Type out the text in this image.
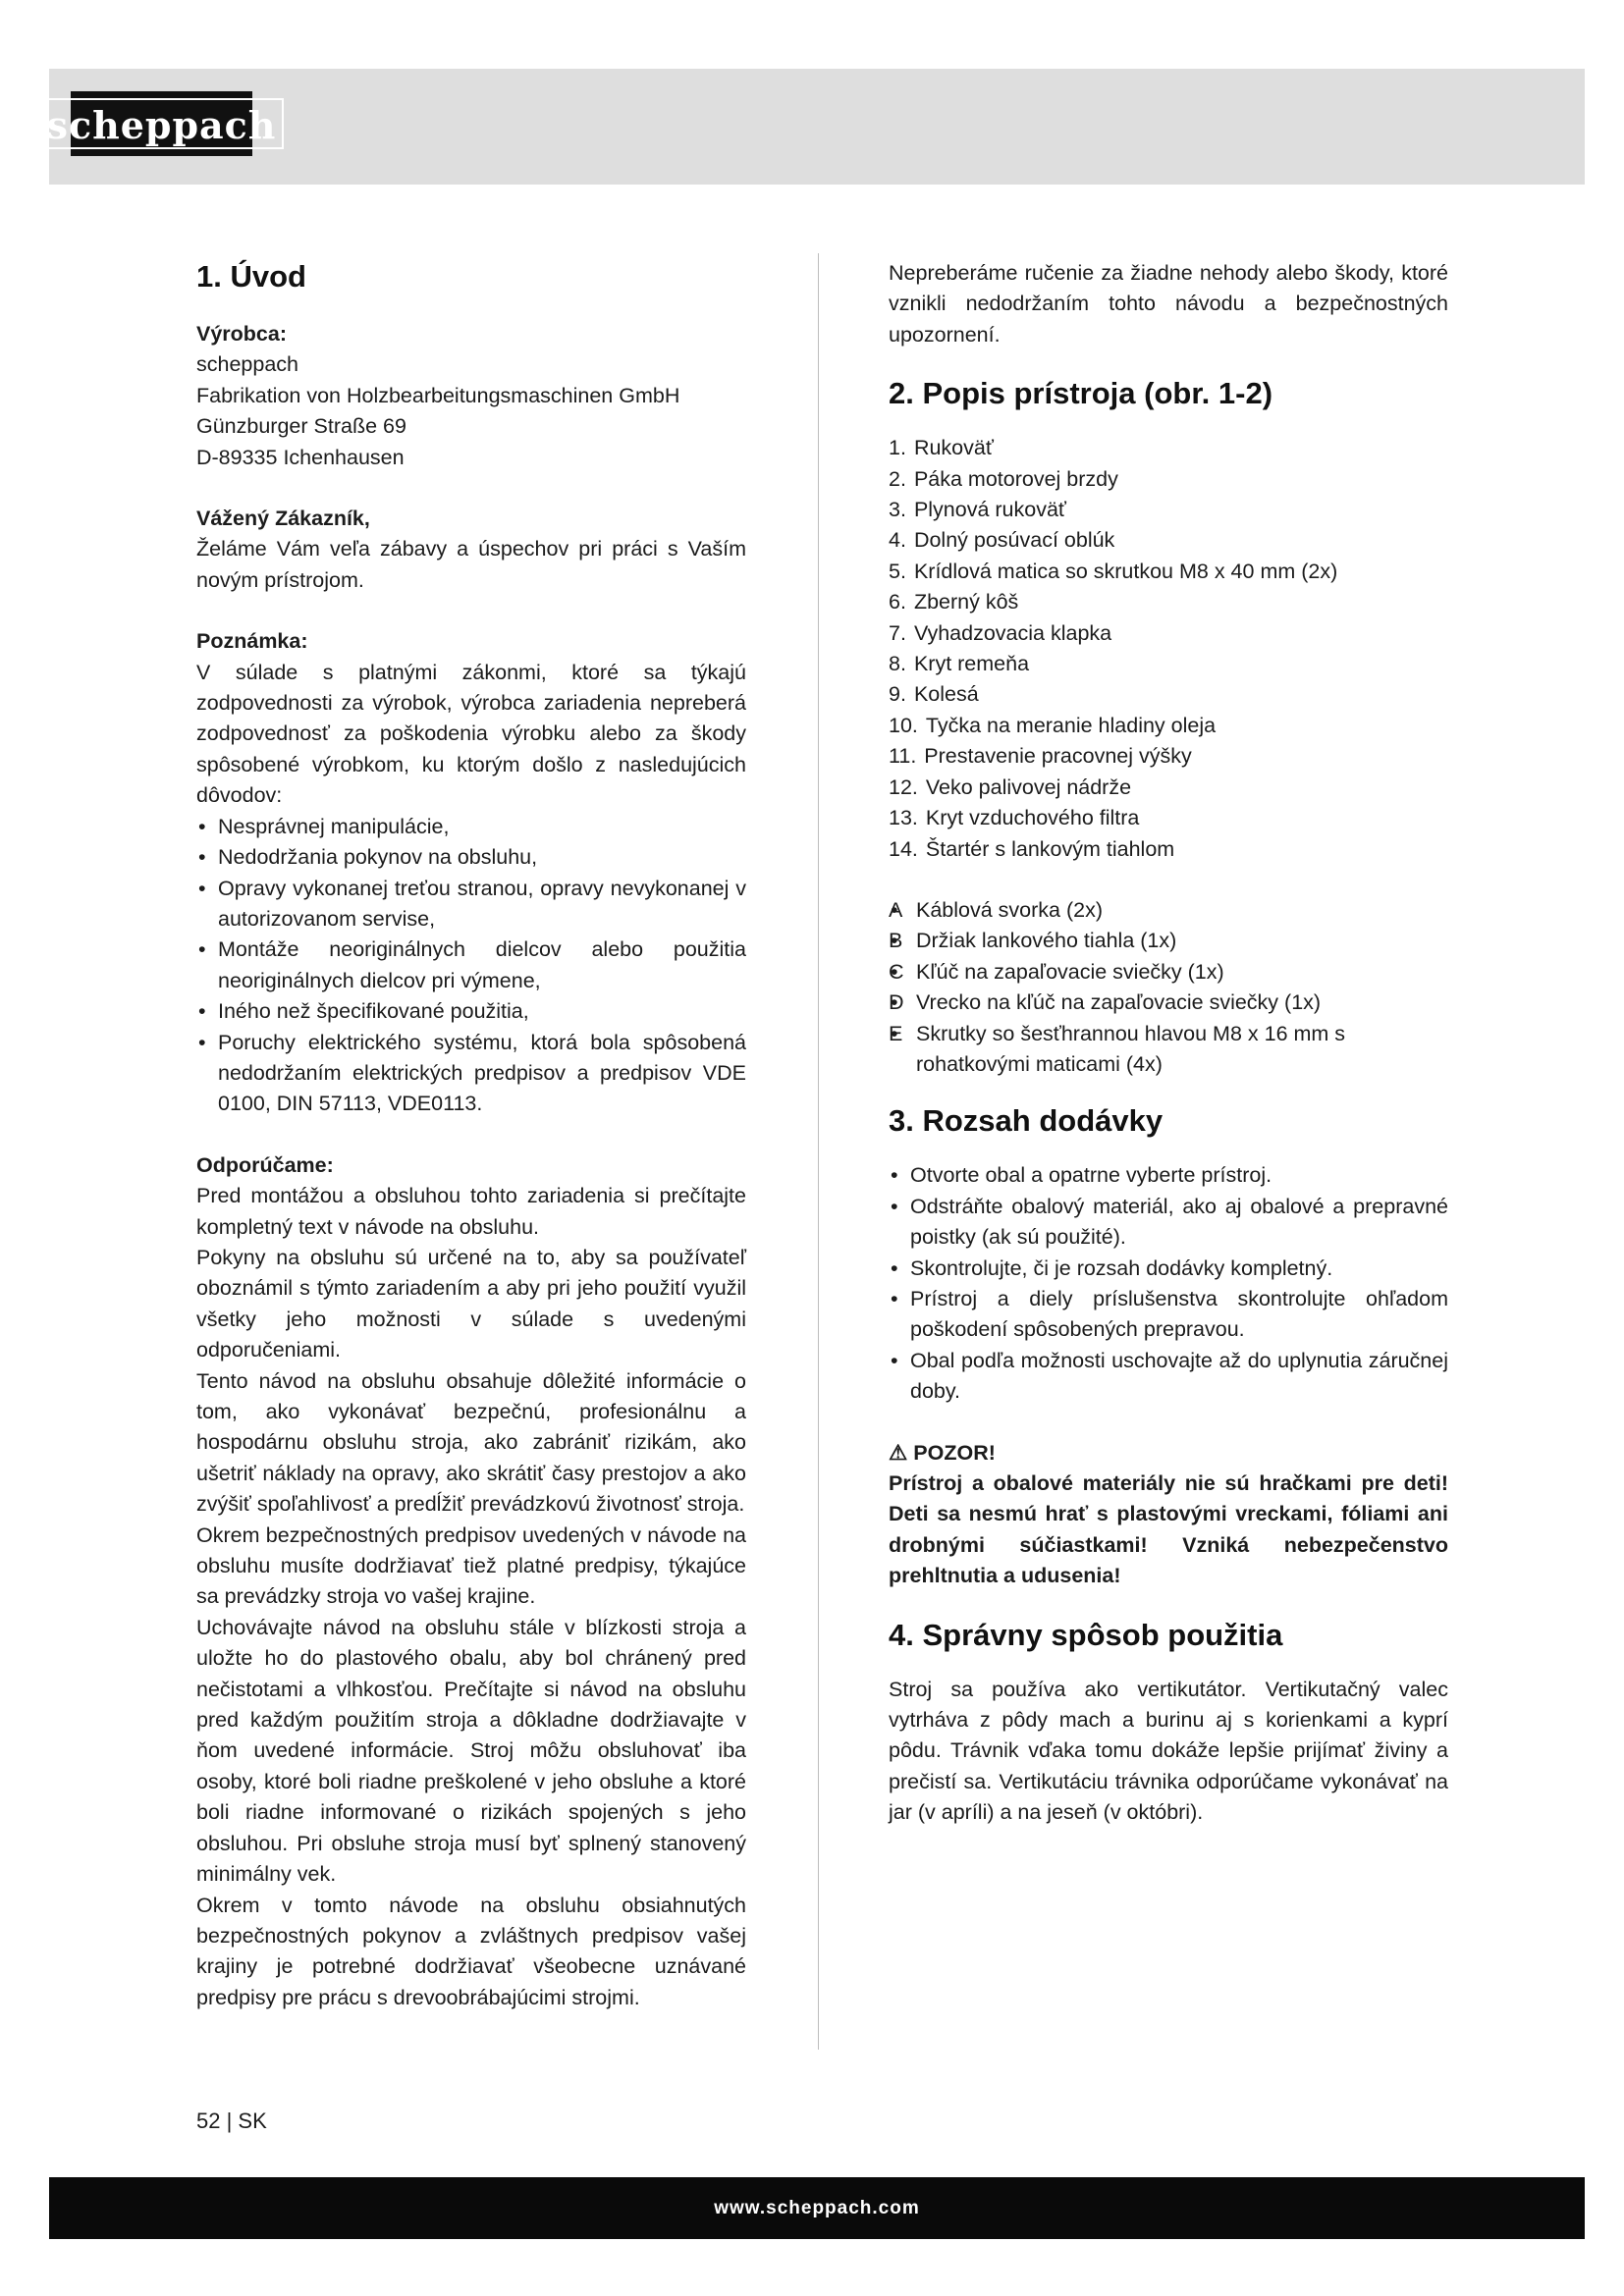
scheppach
1. Úvod

Výrobca:

scheppach

Fabrikation von Holzbearbeitungsmaschinen GmbH

Günzburger Straße 69

D-89335 Ichenhausen

Vážený Zákazník,

Želáme Vám veľa zábavy a úspechov pri práci s Vaším novým prístrojom.

Poznámka:

V súlade s platnými zákonmi, ktoré sa týkajú zodpovednosti za výrobok, výrobca zariadenia nepreberá zodpovednosť za poškodenia výrobku alebo za škody spôsobené výrobkom, ku ktorým došlo z nasledujúcich dôvodov:

• Nesprávnej manipulácie,
• Nedodržania pokynov na obsluhu,
• Opravy vykonanej treťou stranou, opravy nevykonanej v autorizovanom servise,
• Montáže neoriginálnych dielcov alebo použitia neoriginálnych dielcov pri výmene,
• Iného než špecifikované použitia,
• Poruchy elektrického systému, ktorá bola spôsobená nedodržaním elektrických predpisov a predpisov VDE 0100, DIN 57113, VDE0113.

Odporúčame:

Pred montážou a obsluhou tohto zariadenia si prečítajte kompletný text v návode na obsluhu.

Pokyny na obsluhu sú určené na to, aby sa používateľ oboznámil s týmto zariadením a aby pri jeho použití využil všetky jeho možnosti v súlade s uvedenými odporučeniami.

Tento návod na obsluhu obsahuje dôležité informácie o tom, ako vykonávať bezpečnú, profesionálnu a hospodárnu obsluhu stroja, ako zabrániť rizikám, ako ušetriť náklady na opravy, ako skrátiť časy prestojov a ako zvýšiť spoľahlivosť a predĺžiť prevádzkovú životnosť stroja.

Okrem bezpečnostných predpisov uvedených v návode na obsluhu musíte dodržiavať tiež platné predpisy, týkajúce sa prevádzky stroja vo vašej krajine.

Uchovávajte návod na obsluhu stále v blízkosti stroja a uložte ho do plastového obalu, aby bol chránený pred nečistotami a vlhkosťou. Prečítajte si návod na obsluhu pred každým použitím stroja a dôkladne dodržiavajte v ňom uvedené informácie. Stroj môžu obsluhovať iba osoby, ktoré boli riadne preškolené v jeho obsluhe a ktoré boli riadne informované o rizikách spojených s jeho obsluhou. Pri obsluhe stroja musí byť splnený stanovený minimálny vek.

Okrem v tomto návode na obsluhu obsiahnutých bezpečnostných pokynov a zvláštnych predpisov vašej krajiny je potrebné dodržiavať všeobecne uznávané predpisy pre prácu s drevoobrábajúcimi strojmi.

Nepreberáme ručenie za žiadne nehody alebo škody, ktoré vznikli nedodržaním tohto návodu a bezpečnostných upozornení.

2. Popis prístroja (obr. 1-2)
1. Rukoväť
2. Páka motorovej brzdy
3. Plynová rukoväť
4. Dolný posúvací oblúk
5. Krídlová matica so skrutkou M8 x 40 mm (2x)
6. Zberný kôš
7. Vyhadzovacia klapka
8. Kryt remeňa
9. Kolesá
10. Tyčka na meranie hladiny oleja
11. Prestavenie pracovnej výšky
12. Veko palivovej nádrže
13. Kryt vzduchového filtra
14. Štartér s lankovým tiahlom
• A Káblová svorka (2x)
• B Držiak lankového tiahla (1x)
• C Kľúč na zapaľovacie sviečky (1x)
• D Vrecko na kľúč na zapaľovacie sviečky (1x)
• E Skrutky so šesťhrannou hlavou M8 x 16 mm s rohatkovými maticami (4x)
3. Rozsah dodávky
• Otvorte obal a opatrne vyberte prístroj.
• Odstráňte obalový materiál, ako aj obalové a prepravné poistky (ak sú použité).
• Skontrolujte, či je rozsah dodávky kompletný.
• Prístroj a diely príslušenstva skontrolujte ohľadom poškodení spôsobených prepravou.
• Obal podľa možnosti uschovajte až do uplynutia záručnej doby.
⚠ POZOR!

Prístroj a obalové materiály nie sú hračkami pre deti! Deti sa nesmú hrať s plastovými vreckami, fóliami ani drobnými súčiastkami! Vzniká nebezpečenstvo prehltnutia a udusenia!

4. Správny spôsob použitia

Stroj sa používa ako vertikutátor. Vertikutačný valec vytrháva z pôdy mach a burinu aj s korienkami a kyprí pôdu. Trávnik vďaka tomu dokáže lepšie prijímať živiny a prečistí sa. Vertikutáciu trávnika odporúčame vykonávať na jar (v apríli) a na jeseň (v októbri).

52 | SK
www.scheppach.com
